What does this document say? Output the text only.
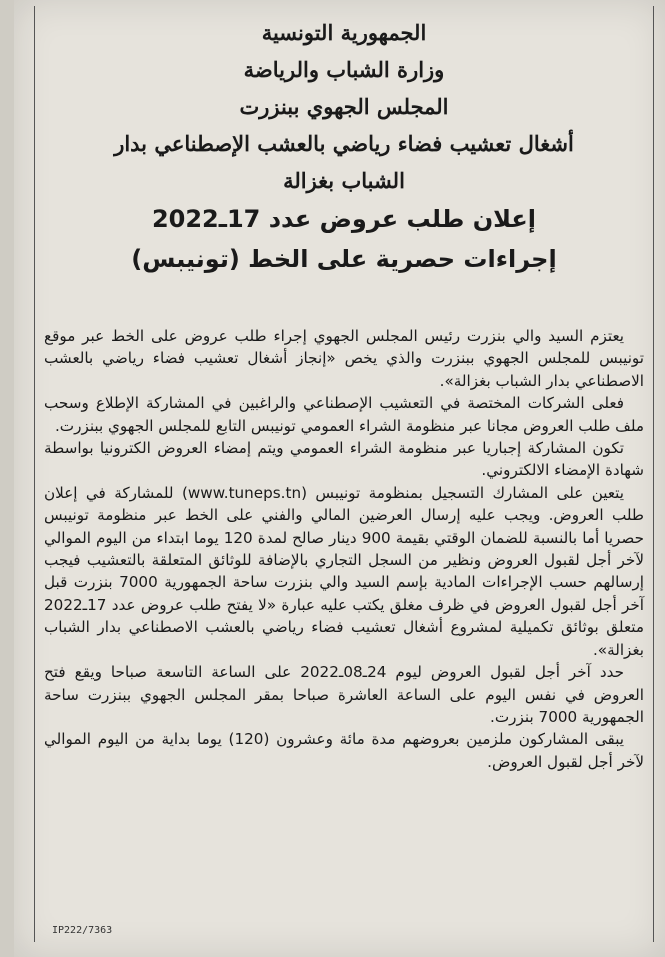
الجمهورية التونسية
وزارة الشباب والرياضة
المجلس الجهوي ببنزرت
أشغال تعشيب فضاء رياضي بالعشب الإصطناعي بدار
الشباب بغزالة
إعلان طلب عروض عدد 17ـ2022
إجراءات حصرية على الخط (تونيبس)

يعتزم السيد والي بنزرت رئيس المجلس الجهوي إجراء طلب عروض على الخط عبر موقع تونيبس للمجلس الجهوي ببنزرت والذي يخص «إنجاز أشغال تعشيب فضاء رياضي بالعشب الاصطناعي بدار الشباب بغزالة».

فعلى الشركات المختصة في التعشيب الإصطناعي والراغبين في المشاركة الإطلاع وسحب ملف طلب العروض مجانا عبر منظومة الشراء العمومي تونيبس التابع للمجلس الجهوي ببنزرت.

تكون المشاركة إجباريا عبر منظومة الشراء العمومي ويتم إمضاء العروض الكترونيا بواسطة شهادة الإمضاء الالكتروني.

يتعين على المشارك التسجيل بمنظومة تونيبس (www.tuneps.tn) للمشاركة في إعلان طلب العروض. ويجب عليه إرسال العرضين المالي والفني على الخط عبر منظومة تونيبس حصريا أما بالنسبة للضمان الوقتي بقيمة 900 دينار صالح لمدة 120 يوما ابتداء من اليوم الموالي لآخر أجل لقبول العروض ونظير من السجل التجاري بالإضافة للوثائق المتعلقة بالتعشيب فيجب إرسالهم حسب الإجراءات المادية بإسم السيد والي بنزرت ساحة الجمهورية 7000 بنزرت قبل آخر أجل لقبول العروض في ظرف مغلق يكتب عليه عبارة «لا يفتح طلب عروض عدد 17ـ2022 متعلق بوثائق تكميلية لمشروع أشغال تعشيب فضاء رياضي بالعشب الاصطناعي بدار الشباب بغزالة».

حدد آخر أجل لقبول العروض ليوم 24ـ08ـ2022 على الساعة التاسعة صباحا ويقع فتح العروض في نفس اليوم على الساعة العاشرة صباحا بمقر المجلس الجهوي ببنزرت ساحة الجمهورية 7000 بنزرت.

يبقى المشاركون ملزمين بعروضهم مدة مائة وعشرون (120) يوما بداية من اليوم الموالي لآخر أجل لقبول العروض.

IP222/7363
